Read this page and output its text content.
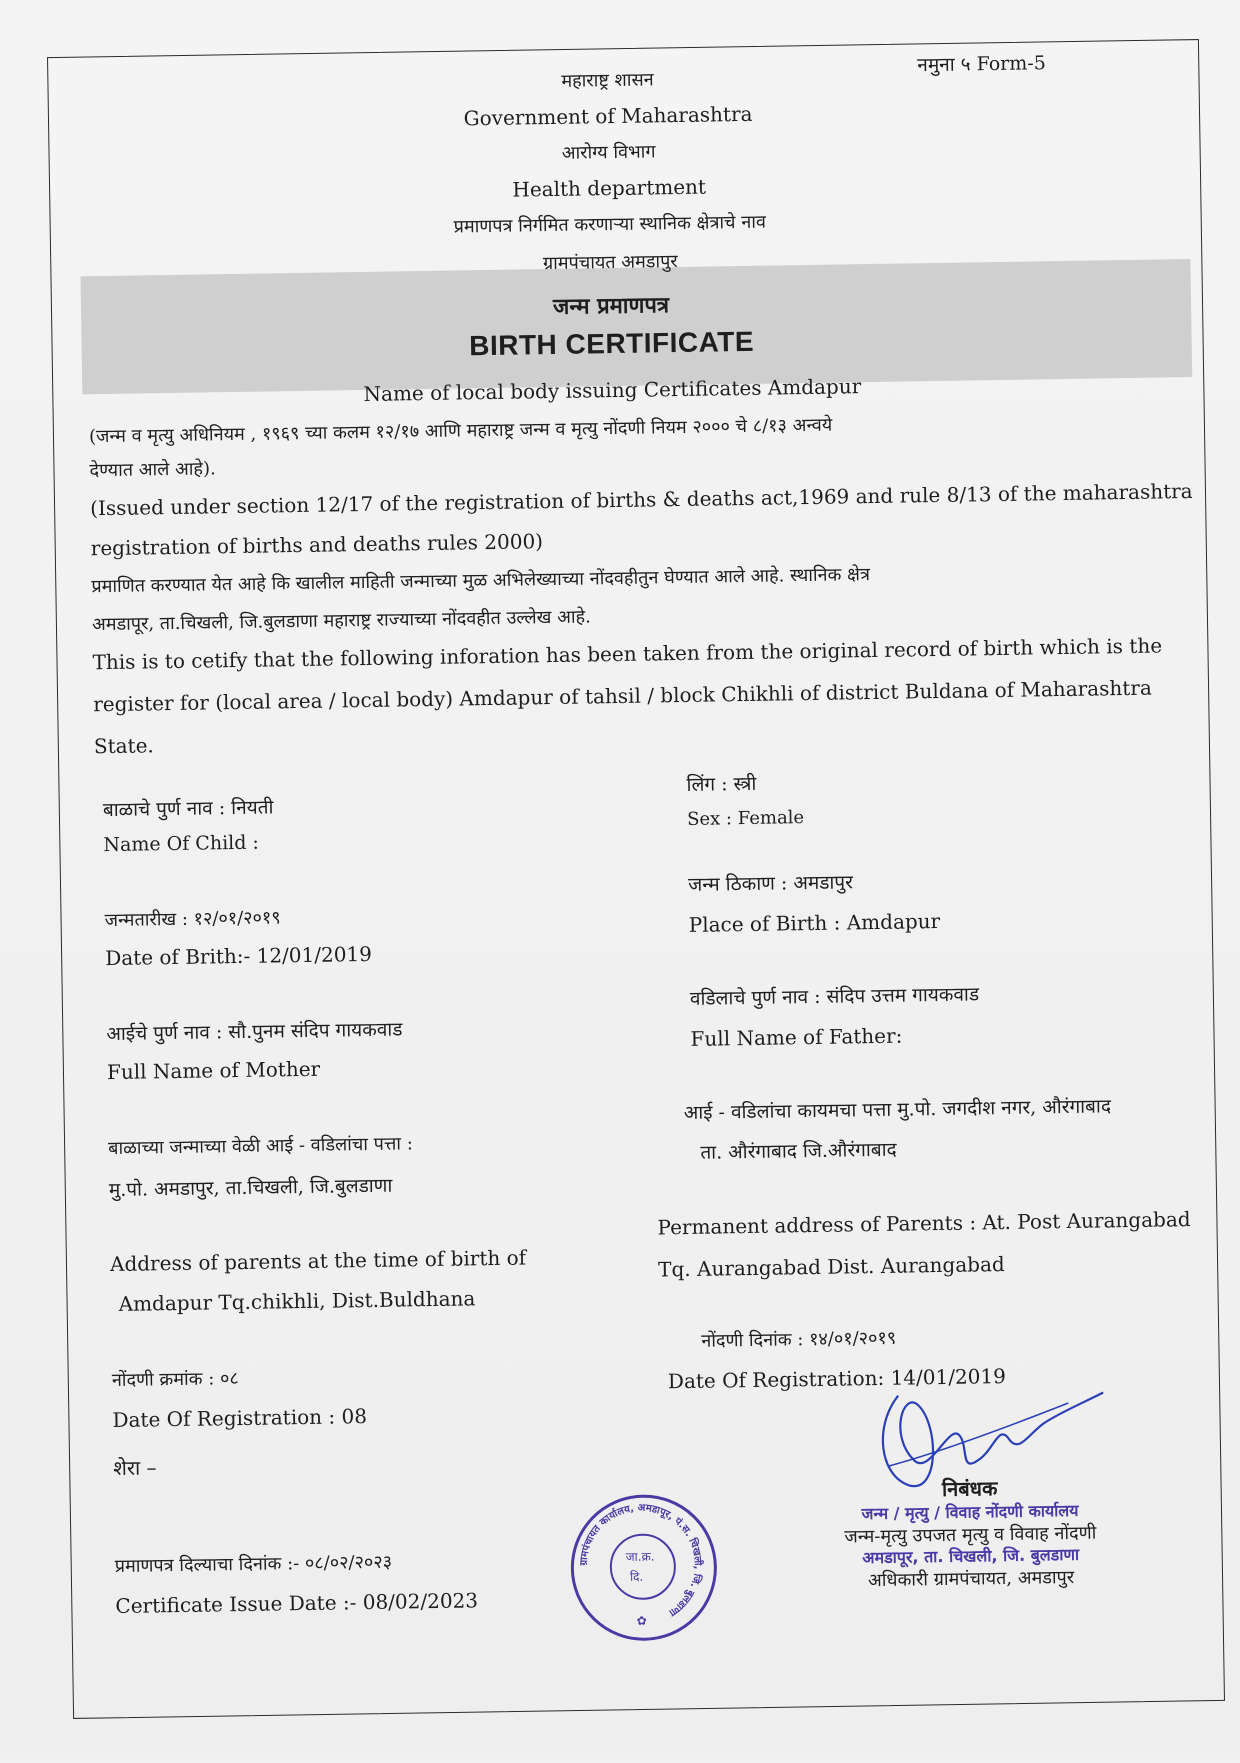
नमुना ५ Form-5
महाराष्ट्र शासन
Government of Maharashtra
आरोग्य विभाग
Health department
प्रमाणपत्र निर्गमित करणाऱ्या स्थानिक क्षेत्राचे नाव
ग्रामपंचायत अमडापुर
जन्म प्रमाणपत्र
BIRTH CERTIFICATE
Name of local body issuing Certificates Amdapur
(जन्म व मृत्यु अधिनियम , १९६९ च्या कलम १२/१७ आणि महाराष्ट्र जन्म व मृत्यु नोंदणी नियम २००० चे ८/१३ अन्वये
देण्यात आले आहे).
(Issued under section 12/17 of the registration of births & deaths act,1969 and rule 8/13 of the maharashtra
registration of births and deaths rules 2000)
प्रमाणित करण्यात येत आहे कि खालील माहिती जन्माच्या मुळ अभिलेख्याच्या नोंदवहीतुन घेण्यात आले आहे. स्थानिक क्षेत्र
अमडापूर, ता.चिखली, जि.बुलडाणा महाराष्ट्र राज्याच्या नोंदवहीत उल्लेख आहे.
This is to cetify that the following inforation has been taken from the original record of birth which is the
register for (local area / local body) Amdapur of tahsil / block Chikhli of district Buldana of Maharashtra
State.
बाळाचे पुर्ण नाव : नियती
Name Of Child :
जन्मतारीख : १२/०१/२०१९
Date of Brith:- 12/01/2019
आईचे पुर्ण नाव : सौ.पुनम संदिप गायकवाड
Full Name of Mother
बाळाच्या जन्माच्या वेळी आई - वडिलांचा पत्ता :
मु.पो. अमडापुर, ता.चिखली, जि.बुलडाणा
Address of parents at the time of birth of
Amdapur Tq.chikhli, Dist.Buldhana
नोंदणी क्रमांक : ०८
Date Of Registration : 08
शेरा –
प्रमाणपत्र दिल्याचा दिनांक :- ०८/०२/२०२३
Certificate Issue Date :- 08/02/2023
लिंग : स्त्री
Sex : Female
जन्म ठिकाण : अमडापुर
Place of Birth : Amdapur
वडिलाचे पुर्ण नाव : संदिप उत्तम गायकवाड
Full Name of Father:
आई - वडिलांचा कायमचा पत्ता मु.पो. जगदीश नगर, औरंगाबाद
ता. औरंगाबाद जि.औरंगाबाद
Permanent address of Parents : At. Post Aurangabad
Tq. Aurangabad Dist. Aurangabad
नोंदणी दिनांक : १४/०१/२०१९
Date Of Registration: 14/01/2019
निबंधक
जन्म / मृत्यु / विवाह नोंदणी कार्यालय
जन्म-मृत्यु उपजत मृत्यु व विवाह नोंदणी
अमडापूर, ता. चिखली, जि. बुलडाणा
अधिकारी ग्रामपंचायत, अमडापुर
ग्रामपंचायत कार्यालय, अमडापूर, पं.स. चिखली, जि. बुलडाणा
जा.क्र.
दि.
✿
